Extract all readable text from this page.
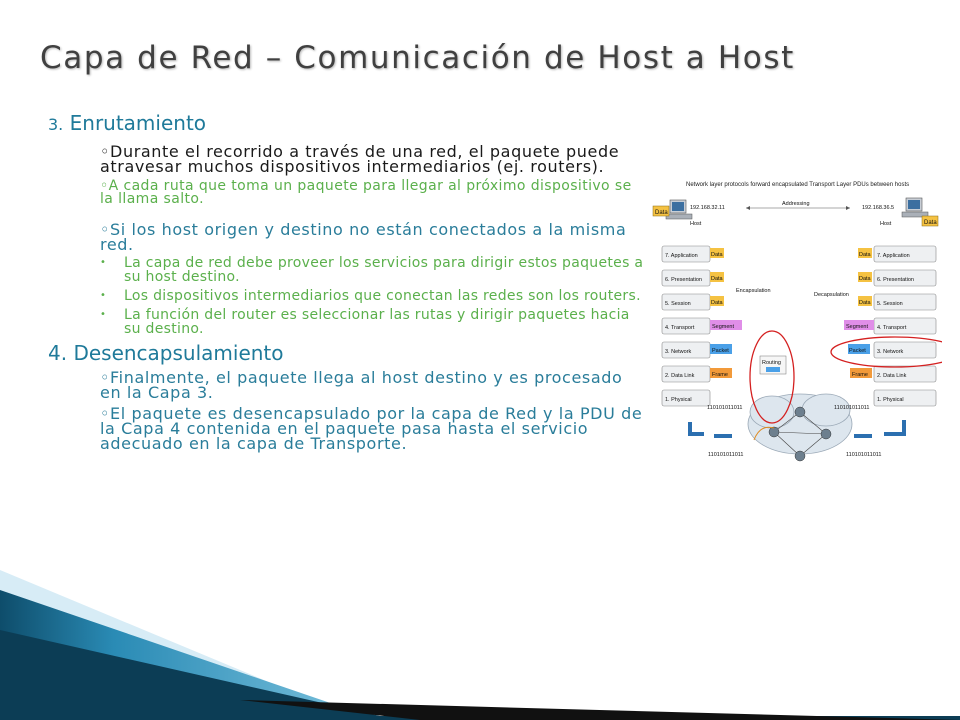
Capa de Red – Comunicación de Host a Host
3. Enrutamiento
◦Durante el recorrido a través de una red, el paquete puede atravesar muchos dispositivos intermediarios (ej. routers).
◦A cada ruta que toma un paquete para llegar al próximo dispositivo se la llama salto.
◦Si los host origen y destino no están conectados a la misma red.
• La capa de red debe proveer los servicios para dirigir estos paquetes a su host destino.
• Los dispositivos intermediarios que conectan las redes son los routers.
• La función del router es seleccionar las rutas y dirigir paquetes hacia su destino.
4. Desencapsulamiento
◦Finalmente, el paquete llega al host destino y es procesado en la Capa 3.
◦El paquete es desencapsulado por la capa de Red y la PDU de la Capa 4 contenida en el paquete pasa hasta el servicio adecuado en la capa de Transporte.
Network layer protocols forward encapsulated Transport Layer PDUs between hosts
Data
192.168.32.11
Host
Addressing
192.168.36.5
Host	Data
7. Application
6. Presentation
5. Session
4. Transport
3. Network
2. Data Link
1. Physical
Data
Data
Data
Segment
Packet
Frame
110101011011
Encapsulation
Decapsulation
Routing
110101011011	110101011011
7. Application
6. Presentation
5. Session
4. Transport
3. Network
2. Data Link
1. Physical
Data
Data
Data
Segment
Packet
Frame
110101011011
